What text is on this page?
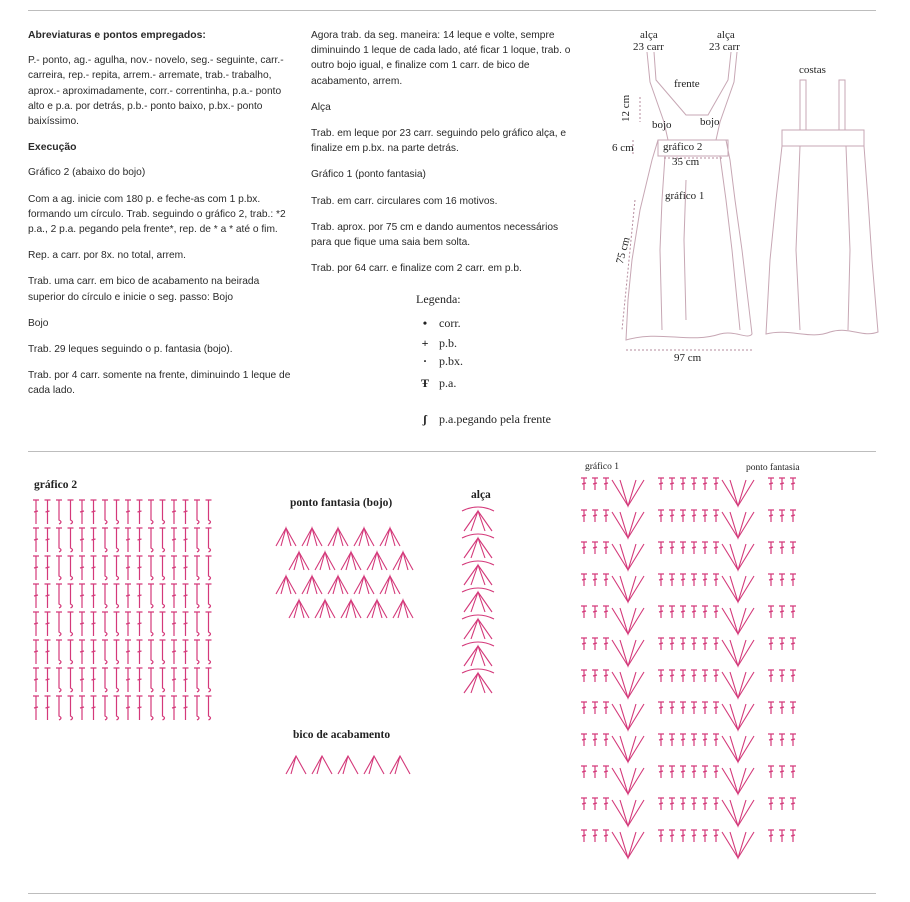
Abreviaturas e pontos empregados:

P.- ponto, ag.- agulha, nov.- novelo, seg.- seguinte, carr.- carreira, rep.- repita, arrem.- arremate, trab.- trabalho, aprox.- aproximadamente, corr.- correntinha, p.a.- ponto alto e p.a. por detrás, p.b.- ponto baixo, p.bx.- ponto baixíssimo.

Execução

Gráfico 2 (abaixo do bojo)

Com a ag. inicie com 180 p. e feche-as com 1 p.bx. formando um círculo. Trab. seguindo o gráfico 2, trab.: *2 p.a., 2 p.a. pegando pela frente*, rep. de * a * até o fim.

Rep. a carr. por 8x. no total, arrem.

Trab. uma carr. em bico de acabamento na beirada superior do círculo e inicie o seg. passo: Bojo

Bojo

Trab. 29 leques seguindo o p. fantasia (bojo).

Trab. por 4 carr. somente na frente, diminuindo 1 leque de cada lado.

Agora trab. da seg. maneira: 14 leque e volte, sempre diminuindo 1 leque de cada lado, até ficar 1 loque, trab. o outro bojo igual, e finalize com 1 carr. de bico de acabamento, arrem.

Alça

Trab. em leque por 23 carr. seguindo pelo gráfico alça, e finalize em p.bx. na parte detrás.

Gráfico 1 (ponto fantasia)

Trab. em carr. circulares com 16 motivos.

Trab. aprox. por 75 cm e dando aumentos necessários para que fique uma saia bem solta.

Trab. por 64 carr. e finalize com 2 carr. em p.b.

Legenda:
• corr.
+ p.b.
· p.bx.
Ŧ p.a.
ʃ p.a.pegando pela frente
alça
23 carr
alça
23 carr
frente
costas
bojo	bojo
12 cm
6 cm	gráfico 2
35 cm
gráfico 1
75 cm
97 cm
gráfico 2
ponto fantasia (bojo)
alça
bico de acabamento
gráfico 1	ponto fantasia
